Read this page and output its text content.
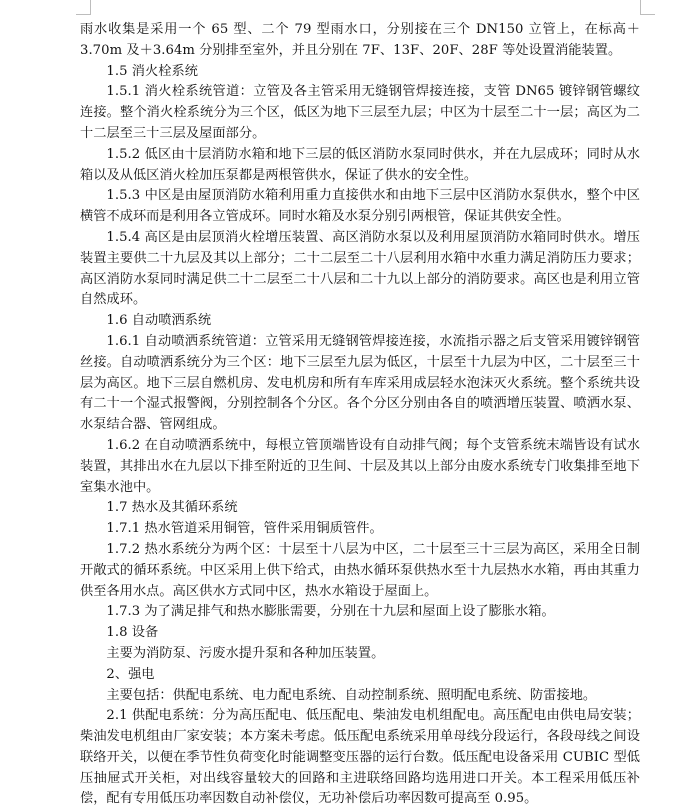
雨水收集是采用一个 65 型、二个 79 型雨水口，分别接在三个 DN150 立管上，在标高＋3.70m 及＋3.64m 分别排至室外，并且分别在 7F、13F、20F、28F 等处设置消能装置。

1.5 消火栓系统

1.5.1 消火栓系统管道：立管及各主管采用无缝钢管焊接连接，支管 DN65 镀锌钢管螺纹连接。整个消火栓系统分为三个区，低区为地下三层至九层；中区为十层至二十一层；高区为二十二层至三十三层及屋面部分。

1.5.2 低区由十层消防水箱和地下三层的低区消防水泵同时供水，并在九层成环；同时从水箱以及从低区消火栓加压泵都是两根管供水，保证了供水的安全性。

1.5.3 中区是由屋顶消防水箱利用重力直接供水和由地下三层中区消防水泵供水，整个中区横管不成环而是利用各立管成环。同时水箱及水泵分别引两根管，保证其供安全性。

1.5.4 高区是由层顶消火栓增压装置、高区消防水泵以及利用屋顶消防水箱同时供水。增压装置主要供二十九层及其以上部分；二十二层至二十八层利用水箱中水重力满足消防压力要求；高区消防水泵同时满足供二十二层至二十八层和二十九以上部分的消防要求。高区也是利用立管自然成环。

1.6 自动喷洒系统

1.6.1 自动喷洒系统管道：立管采用无缝钢管焊接连接，水流指示器之后支管采用镀锌钢管丝接。自动喷洒系统分为三个区：地下三层至九层为低区，十层至十九层为中区，二十层至三十层为高区。地下三层自燃机房、发电机房和所有车库采用成层轻水泡沫灭火系统。整个系统共设有二十一个湿式报警阀，分别控制各个分区。各个分区分别由各自的喷洒增压装置、喷洒水泵、水泵结合器、管网组成。

1.6.2 在自动喷洒系统中，每根立管顶端皆设有自动排气阀；每个支管系统末端皆设有试水装置，其排出水在九层以下排至附近的卫生间、十层及其以上部分由废水系统专门收集排至地下室集水池中。

1.7 热水及其循环系统

1.7.1 热水管道采用铜管，管件采用铜质管件。

1.7.2 热水系统分为两个区：十层至十八层为中区，二十层至三十三层为高区，采用全日制开敞式的循环系统。中区采用上供下给式，由热水循环泵供热水至十九层热水水箱，再由其重力供至各用水点。高区供水方式同中区，热水水箱设于屋面上。

1.7.3 为了满足排气和热水膨胀需要，分别在十九层和屋面上设了膨胀水箱。

1.8 设备

主要为消防泵、污废水提升泵和各种加压装置。

2、强电

主要包括：供配电系统、电力配电系统、自动控制系统、照明配电系统、防雷接地。

2.1 供配电系统：分为高压配电、低压配电、柴油发电机组配电。高压配电由供电局安装；柴油发电机组由厂家安装；本方案未考虑。低压配电系统采用单母线分段运行，各段母线之间设联络开关，以便在季节性负荷变化时能调整变压器的运行台数。低压配电设备采用 CUBIC 型低压抽屉式开关柜，对出线容量较大的回路和主进联络回路均选用进口开关。本工程采用低压补偿，配有专用低压功率因数自动补偿仪，无功补偿后功率因数可提高至 0.95。
